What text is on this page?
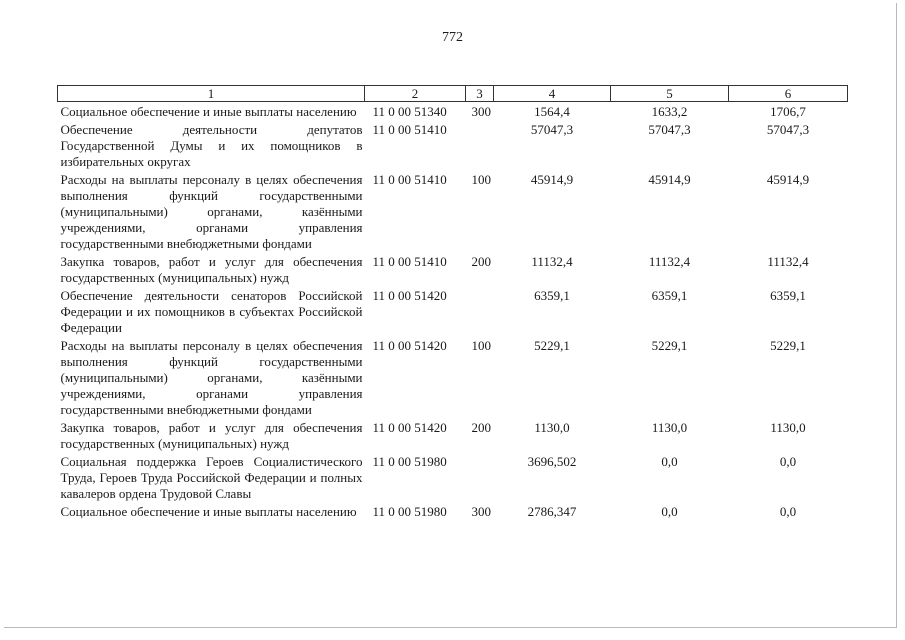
772
1	2	3	4	5	6
Социальное обеспечение и иные выплаты населению	11 0 00 51340	300	1564,4	1633,2	1706,7
Обеспечение деятельности депутатов Государственной Думы и их помощников в избирательных округах	11 0 00 51410		57047,3	57047,3	57047,3
Расходы на выплаты персоналу в целях обеспечения выполнения функций государственными (муниципальными) органами, казёнными учреждениями, органами управления государственными внебюджетными фондами	11 0 00 51410	100	45914,9	45914,9	45914,9
Закупка товаров, работ и услуг для обеспечения государственных (муниципальных) нужд	11 0 00 51410	200	11132,4	11132,4	11132,4
Обеспечение деятельности сенаторов Российской Федерации и их помощников в субъектах Российской Федерации	11 0 00 51420		6359,1	6359,1	6359,1
Расходы на выплаты персоналу в целях обеспечения выполнения функций государственными (муниципальными) органами, казёнными учреждениями, органами управления государственными внебюджетными фондами	11 0 00 51420	100	5229,1	5229,1	5229,1
Закупка товаров, работ и услуг для обеспечения государственных (муниципальных) нужд	11 0 00 51420	200	1130,0	1130,0	1130,0
Социальная поддержка Героев Социалистического Труда, Героев Труда Российской Федерации и полных кавалеров ордена Трудовой Славы	11 0 00 51980		3696,502	0,0	0,0
Социальное обеспечение и иные выплаты населению	11 0 00 51980	300	2786,347	0,0	0,0
